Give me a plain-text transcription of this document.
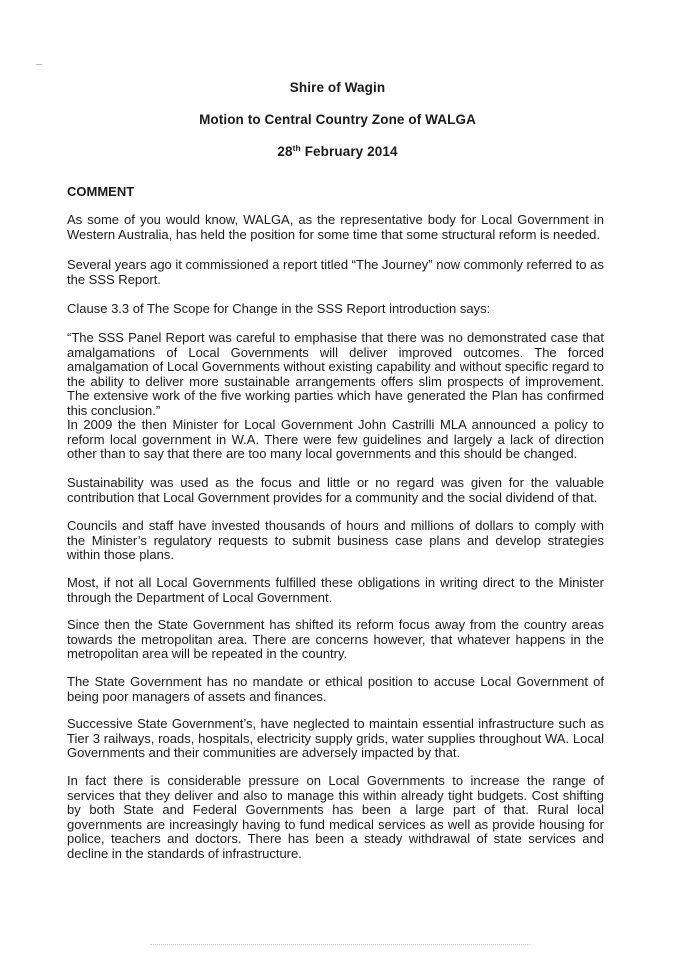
Shire of Wagin
Motion to Central Country Zone of WALGA
28th February 2014
COMMENT
As some of you would know, WALGA, as the representative body for Local Government in Western Australia, has held the position for some time that some structural reform is needed.
Several years ago it commissioned a report titled “The Journey” now commonly referred to as the SSS Report.
Clause 3.3 of The Scope for Change in the SSS Report introduction says:
“The SSS Panel Report was careful to emphasise that there was no demonstrated case that amalgamations of Local Governments will deliver improved outcomes. The forced amalgamation of Local Governments without existing capability and without specific regard to the ability to deliver more sustainable arrangements offers slim prospects of improvement. The extensive work of the five working parties which have generated the Plan has confirmed this conclusion.”
In 2009 the then Minister for Local Government John Castrilli MLA announced a policy to reform local government in W.A. There were few guidelines and largely a lack of direction other than to say that there are too many local governments and this should be changed.
Sustainability was used as the focus and little or no regard was given for the valuable contribution that Local Government provides for a community and the social dividend of that.
Councils and staff have invested thousands of hours and millions of dollars to comply with the Minister’s regulatory requests to submit business case plans and develop strategies within those plans.
Most, if not all Local Governments fulfilled these obligations in writing direct to the Minister through the Department of Local Government.
Since then the State Government has shifted its reform focus away from the country areas towards the metropolitan area. There are concerns however, that whatever happens in the metropolitan area will be repeated in the country.
The State Government has no mandate or ethical position to accuse Local Government of being poor managers of assets and finances.
Successive State Government’s, have neglected to maintain essential infrastructure such as Tier 3 railways, roads, hospitals, electricity supply grids, water supplies throughout WA. Local Governments and their communities are adversely impacted by that.
In fact there is considerable pressure on Local Governments to increase the range of services that they deliver and also to manage this within already tight budgets. Cost shifting by both State and Federal Governments has been a large part of that. Rural local governments are increasingly having to fund medical services as well as provide housing for police, teachers and doctors. There has been a steady withdrawal of state services and decline in the standards of infrastructure.
